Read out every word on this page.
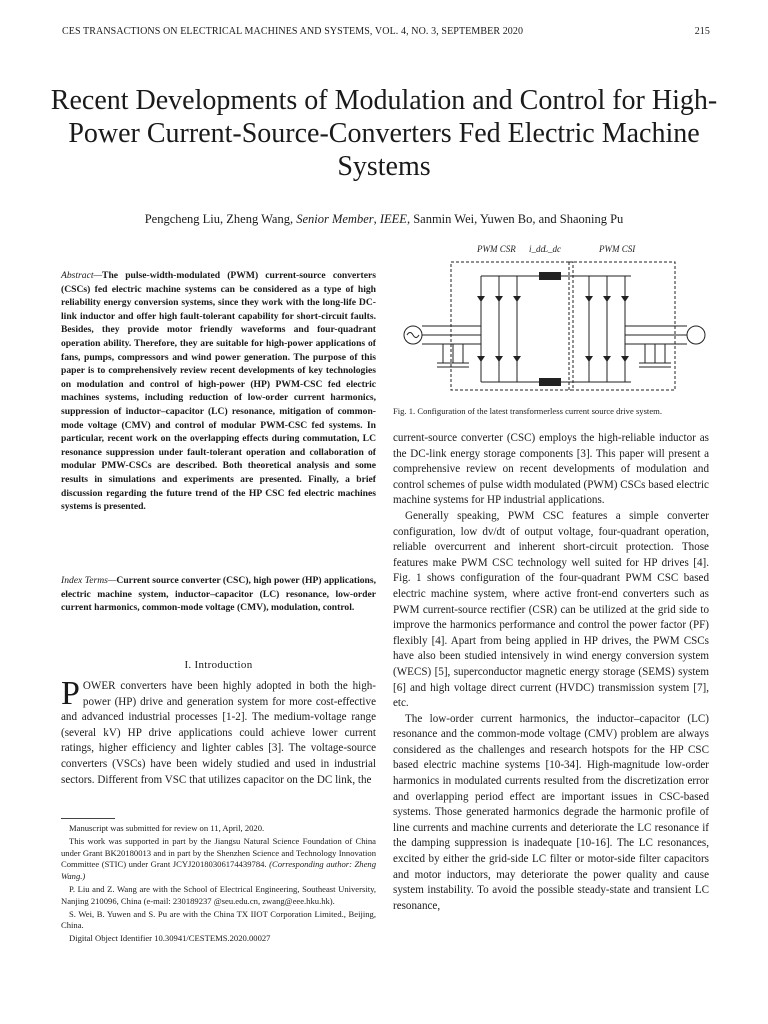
CES TRANSACTIONS ON ELECTRICAL MACHINES AND SYSTEMS, VOL. 4, NO. 3, SEPTEMBER 2020	215
Recent Developments of Modulation and Control for High-Power Current-Source-Converters Fed Electric Machine Systems
Pengcheng Liu, Zheng Wang, Senior Member, IEEE, Sanmin Wei, Yuwen Bo, and Shaoning Pu
Abstract—The pulse-width-modulated (PWM) current-source converters (CSCs) fed electric machine systems can be considered as a type of high reliability energy conversion systems, since they work with the long-life DC-link inductor and offer high fault-tolerant capability for short-circuit faults. Besides, they provide motor friendly waveforms and four-quadrant operation ability. Therefore, they are suitable for high-power applications of fans, pumps, compressors and wind power generation. The purpose of this paper is to comprehensively review recent developments of key technologies on modulation and control of high-power (HP) PWM-CSC fed electric machines systems, including reduction of low-order current harmonics, suppression of inductor–capacitor (LC) resonance, mitigation of common-mode voltage (CMV) and control of modular PWM-CSC fed systems. In particular, recent work on the overlapping effects during commutation, LC resonance suppression under fault-tolerant operation and collaboration of modular PMW-CSCs are described. Both theoretical analysis and some results in simulations and experiments are presented. Finally, a brief discussion regarding the future trend of the HP CSC fed electric machines systems is presented.
Index Terms—Current source converter (CSC), high power (HP) applications, electric machine system, inductor–capacitor (LC) resonance, low-order current harmonics, common-mode voltage (CMV), modulation, control.
I. Introduction

POWER converters have been highly adopted in both the high-power (HP) drive and generation system for more cost-effective and advanced industrial processes [1-2]. The medium-voltage range (several kV) HP drive applications could achieve lower current ratings, higher efficiency and lighter cables [3]. The voltage-source converters (VSCs) have been widely studied and used in industrial sectors. Different from VSC that utilizes capacitor on the DC link, the

Manuscript was submitted for review on 11, April, 2020.

This work was supported in part by the Jiangsu Natural Science Foundation of China under Grant BK20180013 and in part by the Shenzhen Science and Technology Innovation Committee (STIC) under Grant JCYJ20180306174439784. (Corresponding author: Zheng Wang.)

P. Liu and Z. Wang are with the School of Electrical Engineering, Southeast University, Nanjing 210096, China (e-mail: 230189237 @seu.edu.cn, zwang@eee.hku.hk).

S. Wei, B. Yuwen and S. Pu are with the China TX IIOT Corporation Limited., Beijing, China.

Digital Object Identifier 10.30941/CESTEMS.2020.00027

PWM CSR	PWM CSI
i_dc
L_dc
Fig. 1. Configuration of the latest transformerless current source drive system.

current-source converter (CSC) employs the high-reliable inductor as the DC-link energy storage components [3]. This paper will present a comprehensive review on recent developments of modulation and control schemes of pulse width modulated (PWM) CSCs based electric machine systems for HP industrial applications.

Generally speaking, PWM CSC features a simple converter configuration, low dv/dt of output voltage, four-quadrant operation, reliable overcurrent and inherent short-circuit protection. Those features make PWM CSC technology well suited for HP drives [4]. Fig. 1 shows configuration of the four-quadrant PWM CSC based electric machine system, where active front-end converters such as PWM current-source rectifier (CSR) can be utilized at the grid side to improve the harmonics performance and control the power factor (PF) flexibly [4]. Apart from being applied in HP drives, the PWM CSCs have also been studied intensively in wind energy conversion system (WECS) [5], superconductor magnetic energy storage (SEMS) system [6] and high voltage direct current (HVDC) transmission system [7], etc.

The low-order current harmonics, the inductor–capacitor (LC) resonance and the common-mode voltage (CMV) problem are always considered as the challenges and research hotspots for the HP CSC based electric machine systems [10-34]. High-magnitude low-order harmonics in modulated currents resulted from the discretization error and overlapping period effect are important issues in CSC-based systems. Those generated harmonics degrade the harmonic profile of line currents and machine currents and deteriorate the LC resonance if the damping suppression is inadequate [10-16]. The LC resonances, excited by either the grid-side LC filter or motor-side filter capacitors and motor inductors, may deteriorate the power quality and cause system instability. To avoid the possible steady-state and transient LC resonance,
